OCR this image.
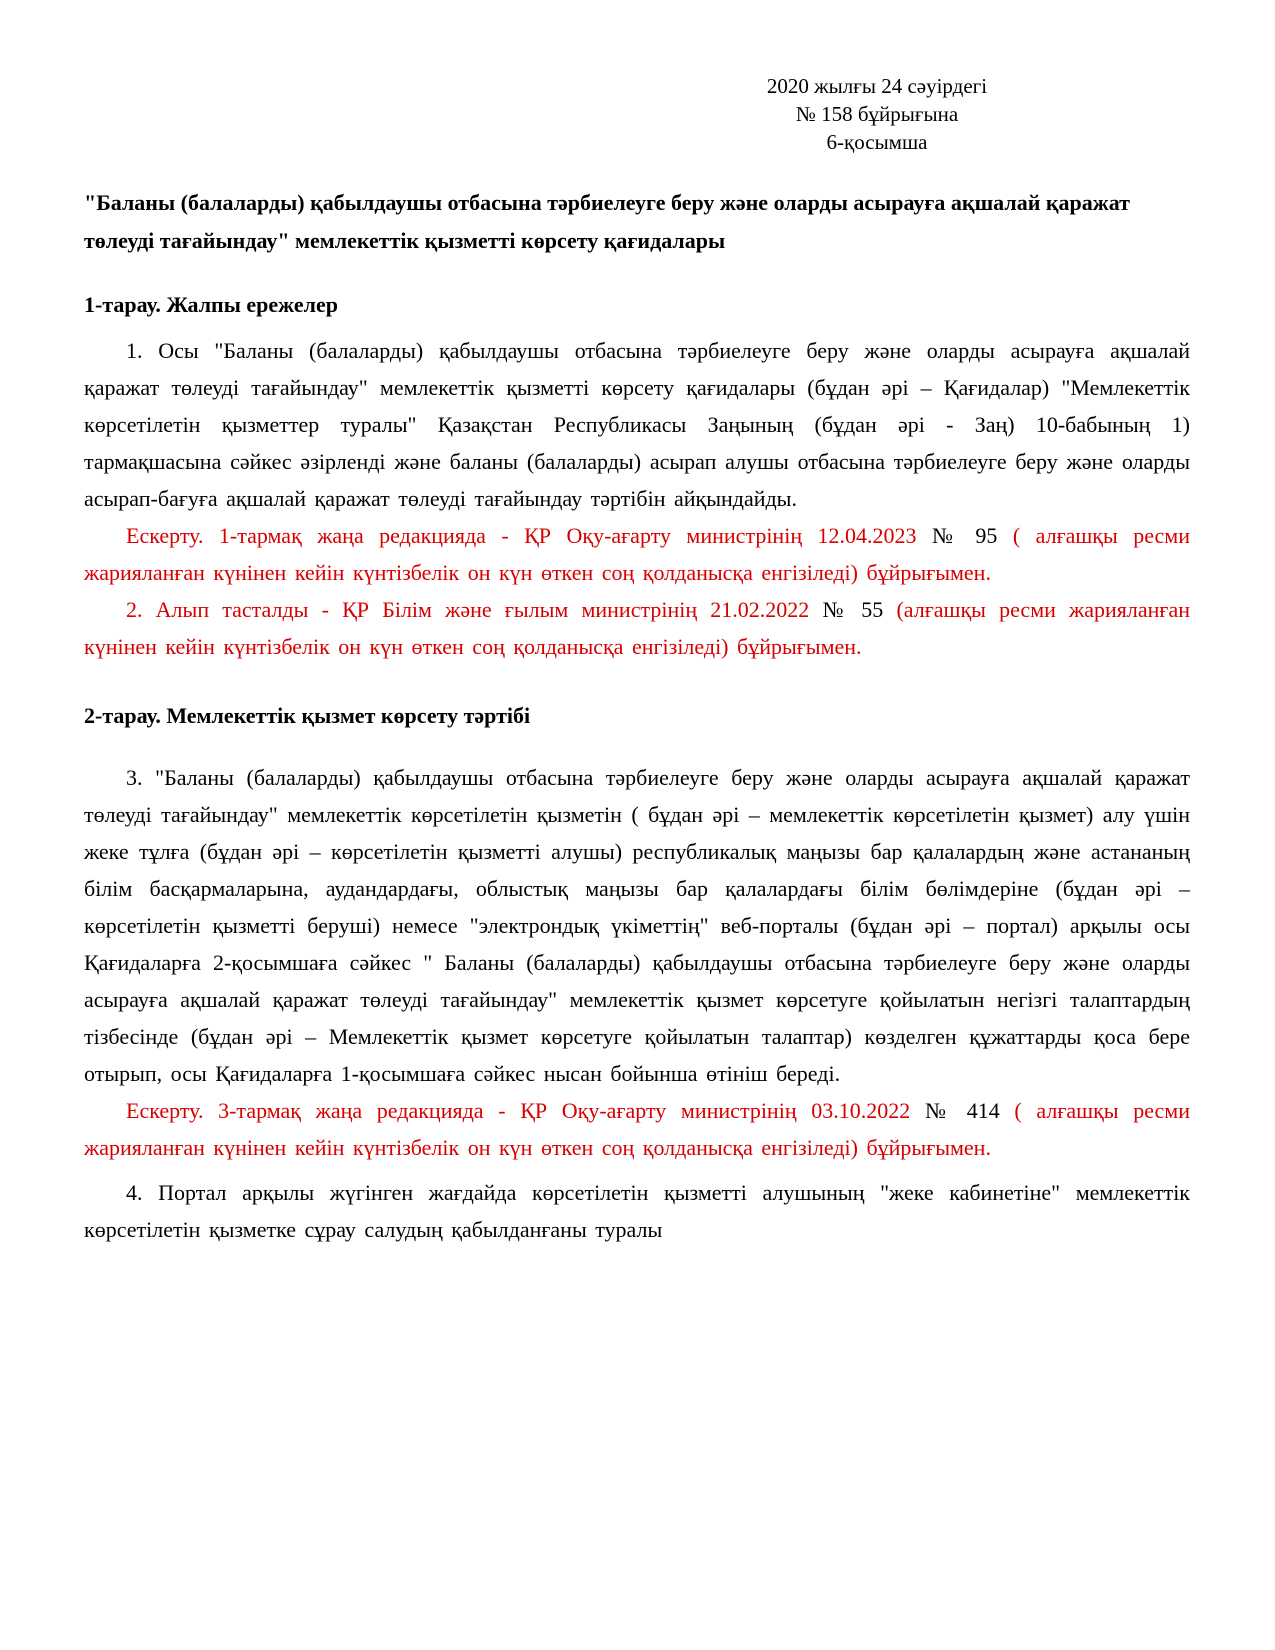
2020 жылғы 24 сәуірдегі
№ 158 бұйрығына
6-қосымша
"Баланы (балаларды) қабылдаушы отбасына тәрбиелеуге беру және оларды асырауға ақшалай қаражат төлеуді тағайындау" мемлекеттік қызметті көрсету қағидалары
1-тарау. Жалпы ережелер

1. Осы "Баланы (балаларды) қабылдаушы отбасына тәрбиелеуге беру және оларды асырауға ақшалай қаражат төлеуді тағайындау" мемлекеттік қызметті көрсету қағидалары (бұдан әрі – Қағидалар) "Мемлекеттік көрсетілетін қызметтер туралы" Қазақстан Республикасы Заңының (бұдан әрі - Заң) 10-бабының 1) тармақшасына сәйкес әзірленді және баланы (балаларды) асырап алушы отбасына тәрбиелеуге беру және оларды асырап-бағуға ақшалай қаражат төлеуді тағайындау тәртібін айқындайды.

Ескерту. 1-тармақ жаңа редакцияда - ҚР Оқу-ағарту министрінің 12.04.2023 № 95 ( алғашқы ресми жарияланған күнінен кейін күнтізбелік он күн өткен соң қолданысқа енгізіледі) бұйрығымен.

2. Алып тасталды - ҚР Білім және ғылым министрінің 21.02.2022 № 55 (алғашқы ресми жарияланған күнінен кейін күнтізбелік он күн өткен соң қолданысқа енгізіледі) бұйрығымен.

2-тарау. Мемлекеттік қызмет көрсету тәртібі

3. "Баланы (балаларды) қабылдаушы отбасына тәрбиелеуге беру және оларды асырауға ақшалай қаражат төлеуді тағайындау" мемлекеттік көрсетілетін қызметін ( бұдан әрі – мемлекеттік көрсетілетін қызмет) алу үшін жеке тұлға (бұдан әрі – көрсетілетін қызметті алушы) республикалық маңызы бар қалалардың және астананың білім басқармаларына, аудандардағы, облыстық маңызы бар қалалардағы білім бөлімдеріне (бұдан әрі – көрсетілетін қызметті беруші) немесе "электрондық үкіметтің" веб-порталы (бұдан әрі – портал) арқылы осы Қағидаларға 2-қосымшаға сәйкес " Баланы (балаларды) қабылдаушы отбасына тәрбиелеуге беру және оларды асырауға ақшалай қаражат төлеуді тағайындау" мемлекеттік қызмет көрсетуге қойылатын негізгі талаптардың тізбесінде (бұдан әрі – Мемлекеттік қызмет көрсетуге қойылатын талаптар) көзделген құжаттарды қоса бере отырып, осы Қағидаларға 1-қосымшаға сәйкес нысан бойынша өтініш береді.

Ескерту. 3-тармақ жаңа редакцияда - ҚР Оқу-ағарту министрінің 03.10.2022 № 414 ( алғашқы ресми жарияланған күнінен кейін күнтізбелік он күн өткен соң қолданысқа енгізіледі) бұйрығымен.

4. Портал арқылы жүгінген жағдайда көрсетілетін қызметті алушының "жеке кабинетіне" мемлекеттік көрсетілетін қызметке сұрау салудың қабылданғаны туралы
